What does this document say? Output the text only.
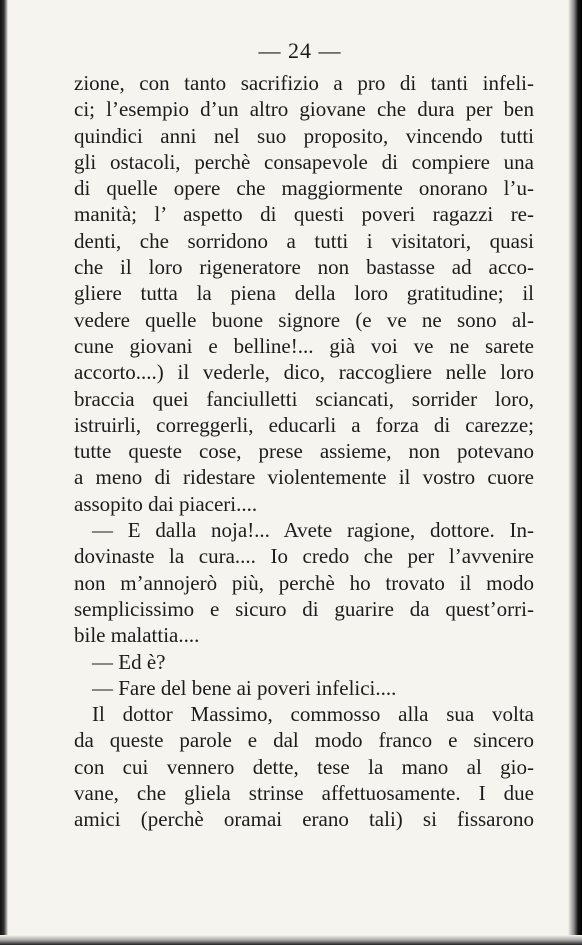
— 24 —
zione, con tanto sacrifizio a pro di tanti infeli-
ci; l’esempio d’un altro giovane che dura per ben
quindici anni nel suo proposito, vincendo tutti
gli ostacoli, perchè consapevole di compiere una
di quelle opere che maggiormente onorano l’u-
manità; l’ aspetto di questi poveri ragazzi re-
denti, che sorridono a tutti i visitatori, quasi
che il loro rigeneratore non bastasse ad acco-
gliere tutta la piena della loro gratitudine; il
vedere quelle buone signore (e ve ne sono al-
cune giovani e belline!... già voi ve ne sarete
accorto....) il vederle, dico, raccogliere nelle loro
braccia quei fanciulletti sciancati, sorrider loro,
istruirli, correggerli, educarli a forza di carezze;
tutte queste cose, prese assieme, non potevano
a meno di ridestare violentemente il vostro cuore
assopito dai piaceri....
— E dalla noja!... Avete ragione, dottore. In-
dovinaste la cura.... Io credo che per l’avvenire
non m’annojerò più, perchè ho trovato il modo
semplicissimo e sicuro di guarire da quest’orri-
bile malattia....
— Ed è?
— Fare del bene ai poveri infelici....
Il dottor Massimo, commosso alla sua volta
da queste parole e dal modo franco e sincero
con cui vennero dette, tese la mano al gio-
vane, che gliela strinse affettuosamente. I due
amici (perchè oramai erano tali) si fissarono
